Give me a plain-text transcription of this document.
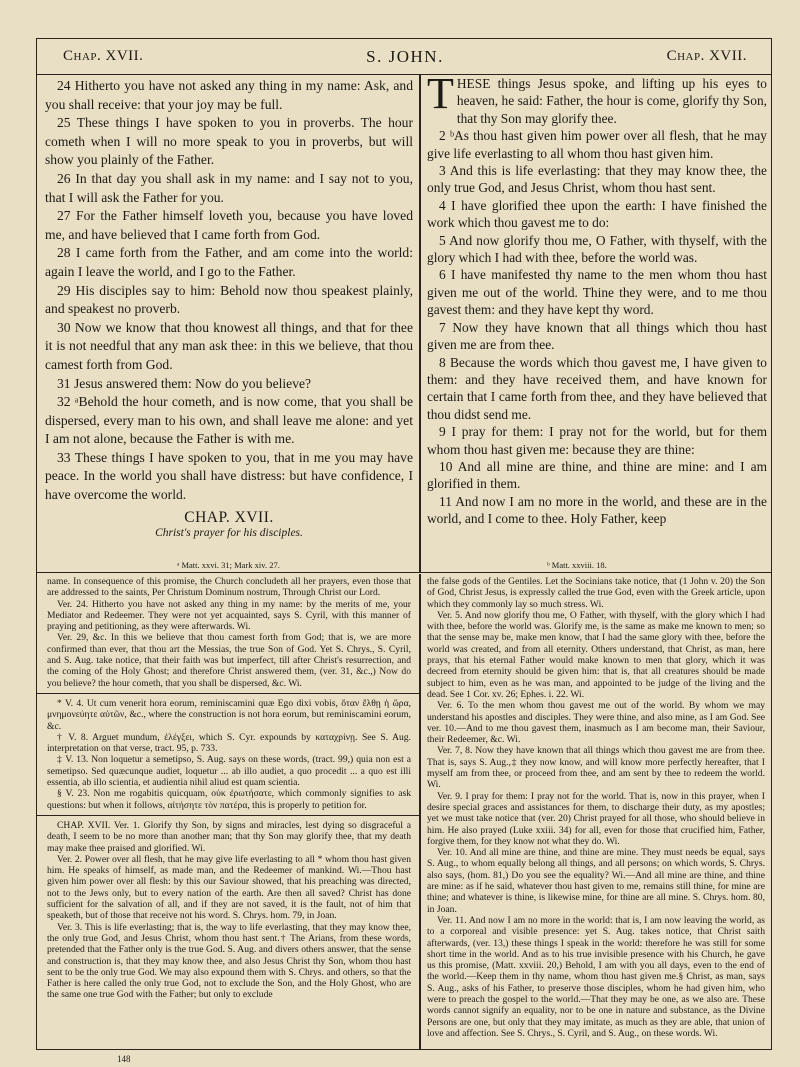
Chap. XVII.	S. JOHN.	Chap. XVII.

24 Hitherto you have not asked any thing in my name: Ask, and you shall receive: that your joy may be full.

25 These things I have spoken to you in proverbs. The hour cometh when I will no more speak to you in proverbs, but will show you plainly of the Father.

26 In that day you shall ask in my name: and I say not to you, that I will ask the Father for you.

27 For the Father himself loveth you, because you have loved me, and have believed that I came forth from God.

28 I came forth from the Father, and am come into the world: again I leave the world, and I go to the Father.

29 His disciples say to him: Behold now thou speakest plainly, and speakest no proverb.

30 Now we know that thou knowest all things, and that for thee it is not needful that any man ask thee: in this we believe, that thou camest forth from God.

31 Jesus answered them: Now do you believe?

32 ᵃBehold the hour cometh, and is now come, that you shall be dispersed, every man to his own, and shall leave me alone: and yet I am not alone, because the Father is with me.

33 These things I have spoken to you, that in me you may have peace. In the world you shall have distress: but have confidence, I have overcome the world.

CHAP. XVII.
Christ's prayer for his disciples.
ᵃ Matt. xxvi. 31; Mark xiv. 27.

THESE things Jesus spoke, and lifting up his eyes to heaven, he said: Father, the hour is come, glorify thy Son, that thy Son may glorify thee.

2 ᵇAs thou hast given him power over all flesh, that he may give life everlasting to all whom thou hast given him.

3 And this is life everlasting: that they may know thee, the only true God, and Jesus Christ, whom thou hast sent.

4 I have glorified thee upon the earth: I have finished the work which thou gavest me to do:

5 And now glorify thou me, O Father, with thyself, with the glory which I had with thee, before the world was.

6 I have manifested thy name to the men whom thou hast given me out of the world. Thine they were, and to me thou gavest them: and they have kept thy word.

7 Now they have known that all things which thou hast given me are from thee.

8 Because the words which thou gavest me, I have given to them: and they have received them, and have known for certain that I came forth from thee, and they have believed that thou didst send me.

9 I pray for them: I pray not for the world, but for them whom thou hast given me: because they are thine:

10 And all mine are thine, and thine are mine: and I am glorified in them.

11 And now I am no more in the world, and these are in the world, and I come to thee. Holy Father, keep

ᵇ Matt. xxviii. 18.

name. In consequence of this promise, the Church concludeth all her prayers, even those that are addressed to the saints, Per Christum Dominum nostrum, Through Christ our Lord.

Ver. 24. Hitherto you have not asked any thing in my name: by the merits of me, your Mediator and Redeemer. They were not yet acquainted, says S. Cyril, with this manner of praying and petitioning, as they were afterwards. Wi.

Ver. 29, &c. In this we believe that thou camest forth from God; that is, we are more confirmed than ever, that thou art the Messias, the true Son of God. Yet S. Chrys., S. Cyril, and S. Aug. take notice, that their faith was but imperfect, till after Christ's resurrection, and the coming of the Holy Ghost; and therefore Christ answered them, (ver. 31, &c.,) Now do you believe? the hour cometh, that you shall be dispersed, &c. Wi.

* V. 4. Ut cum venerit hora eorum, reminiscamini quæ Ego dixi vobis, ὅταν ἔλθῃ ἡ ὥρα, μνημονεύητε αὐτῶν, &c., where the construction is not hora eorum, but reminiscamini eorum, &c.

† V. 8. Arguet mundum, ἐλέγξει, which S. Cyr. expounds by καταχρίνῃ. See S. Aug. interpretation on that verse, tract. 95, p. 733.

‡ V. 13. Non loquetur a semetipso, S. Aug. says on these words, (tract. 99,) quia non est a semetipso. Sed quæcunque audiet, loquetur ... ab illo audiet, a quo procedit ... a quo est illi essentia, ab illo scientia, et audientia nihil aliud est quam scientia.

§ V. 23. Non me rogabitis quicquam, οὐκ ἐρωτήσατε, which commonly signifies to ask questions: but when it follows, αἰτήσητε τὸν πατέρα, this is properly to petition for.

CHAP. XVII. Ver. 1. Glorify thy Son, by signs and miracles, lest dying so disgraceful a death, I seem to be no more than another man; that thy Son may glorify thee, that my death may make thee praised and glorified. Wi.

Ver. 2. Power over all flesh, that he may give life everlasting to all * whom thou hast given him. He speaks of himself, as made man, and the Redeemer of mankind. Wi.—Thou hast given him power over all flesh: by this our Saviour showed, that his preaching was directed, not to the Jews only, but to every nation of the earth. Are then all saved? Christ has done sufficient for the salvation of all, and if they are not saved, it is the fault, not of him that speaketh, but of those that receive not his word. S. Chrys. hom. 79, in Joan.

Ver. 3. This is life everlasting; that is, the way to life everlasting, that they may know thee, the only true God, and Jesus Christ, whom thou hast sent.† The Arians, from these words, pretended that the Father only is the true God. S. Aug. and divers others answer, that the sense and construction is, that they may know thee, and also Jesus Christ thy Son, whom thou hast sent to be the only true God. We may also expound them with S. Chrys. and others, so that the Father is here called the only true God, not to exclude the Son, and the Holy Ghost, who are the same one true God with the Father; but only to exclude

the false gods of the Gentiles. Let the Socinians take notice, that (1 John v. 20) the Son of God, Christ Jesus, is expressly called the true God, even with the Greek article, upon which they commonly lay so much stress. Wi.

Ver. 5. And now glorify thou me, O Father, with thyself, with the glory which I had with thee, before the world was. Glorify me, is the same as make me known to men; so that the sense may be, make men know, that I had the same glory with thee, before the world was created, and from all eternity. Others understand, that Christ, as man, here prays, that his eternal Father would make known to men that glory, which it was decreed from eternity should be given him: that is, that all creatures should be made subject to him, even as he was man, and appointed to be judge of the living and the dead. See 1 Cor. xv. 26; Ephes. i. 22. Wi.

Ver. 6. To the men whom thou gavest me out of the world. By whom we may understand his apostles and disciples. They were thine, and also mine, as I am God. See ver. 10.—And to me thou gavest them, inasmuch as I am become man, their Saviour, their Redeemer, &c. Wi.

Ver. 7, 8. Now they have known that all things which thou gavest me are from thee. That is, says S. Aug.,‡ they now know, and will know more perfectly hereafter, that I myself am from thee, or proceed from thee, and am sent by thee to redeem the world. Wi.

Ver. 9. I pray for them: I pray not for the world. That is, now in this prayer, when I desire special graces and assistances for them, to discharge their duty, as my apostles; yet we must take notice that (ver. 20) Christ prayed for all those, who should believe in him. He also prayed (Luke xxiii. 34) for all, even for those that crucified him, Father, forgive them, for they know not what they do. Wi.

Ver. 10. And all mine are thine, and thine are mine. They must needs be equal, says S. Aug., to whom equally belong all things, and all persons; on which words, S. Chrys. also says, (hom. 81,) Do you see the equality? Wi.—And all mine are thine, and thine are mine: as if he said, whatever thou hast given to me, remains still thine, for mine are thine; and whatever is thine, is likewise mine, for thine are all mine. S. Chrys. hom. 80, in Joan.

Ver. 11. And now I am no more in the world: that is, I am now leaving the world, as to a corporeal and visible presence: yet S. Aug. takes notice, that Christ saith afterwards, (ver. 13,) these things I speak in the world: therefore he was still for some short time in the world. And as to his true invisible presence with his Church, he gave us this promise, (Matt. xxviii. 20,) Behold, I am with you all days, even to the end of the world.—Keep them in thy name, whom thou hast given me.§ Christ, as man, says S. Aug., asks of his Father, to preserve those disciples, whom he had given him, who were to preach the gospel to the world.—That they may be one, as we also are. These words cannot signify an equality, nor to be one in nature and substance, as the Divine Persons are one, but only that they may imitate, as much as they are able, that union of love and affection. See S. Chrys., S. Cyril, and S. Aug., on these words. Wi.

148
